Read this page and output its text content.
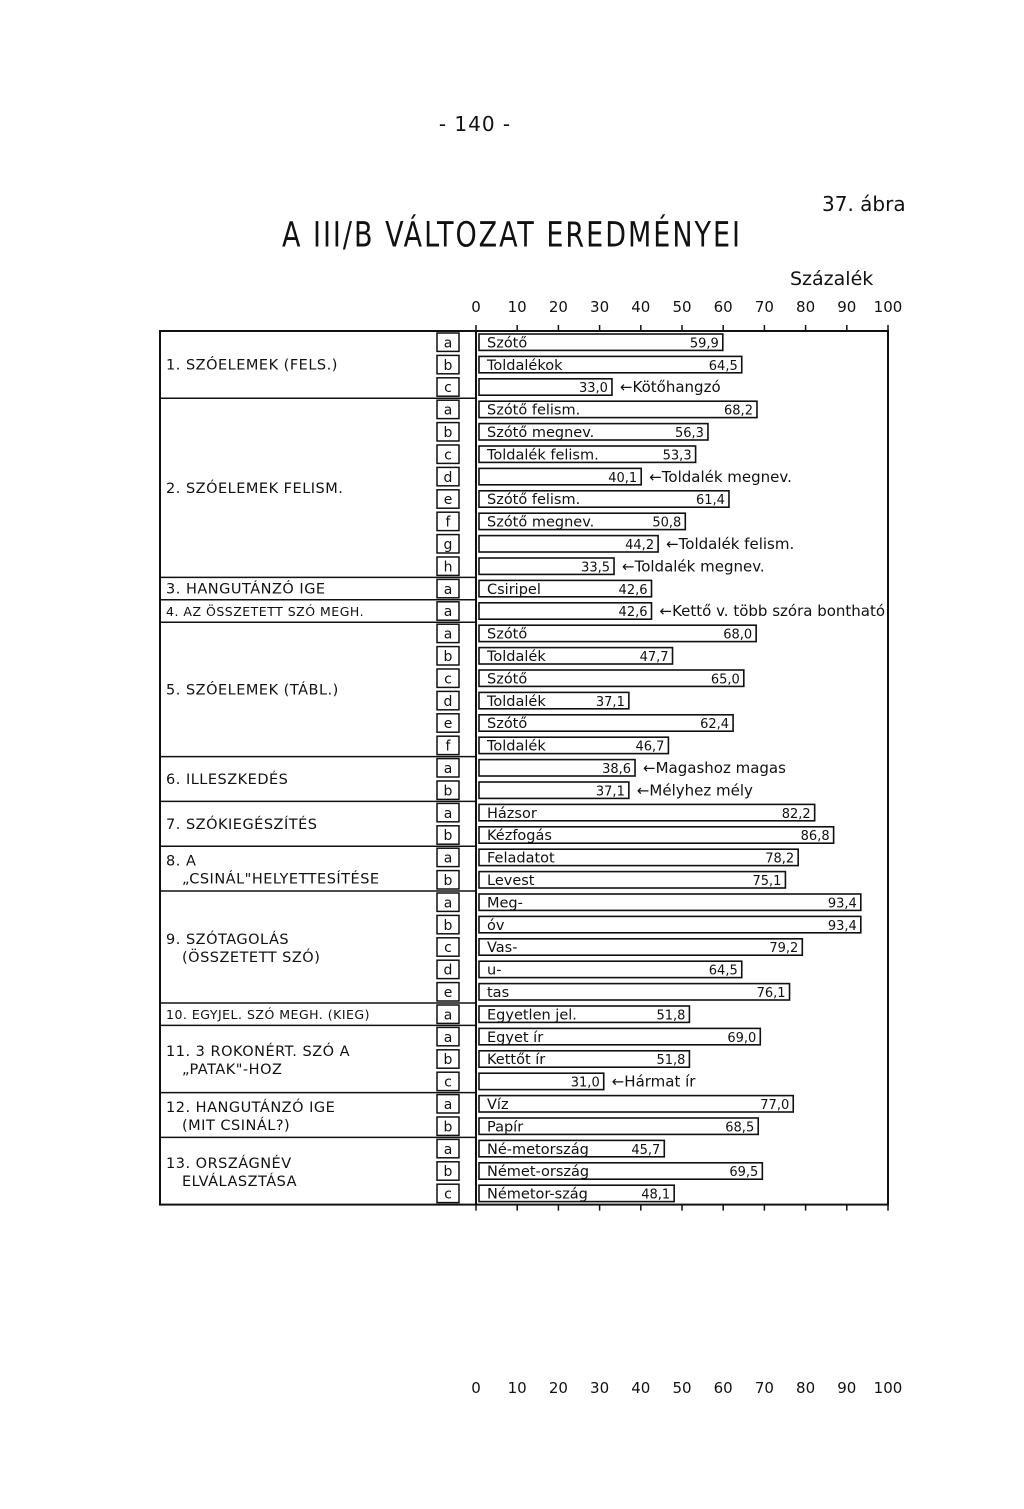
- 140 -
37. ábra
A III/B VÁLTOZAT EREDMÉNYEI
Százalék
0
0
10
10
20
20
30
30
40
40
50
50
60
60
70
70
80
80
90
90
100
100
1. SZÓELEMEK (FELS.)
a Szótő	59,9
b Toldalékok	64,5
c	33,0 ←Kötőhangzó
2. SZÓELEMEK FELISM.
a Szótő felism.	68,2
b Szótő megnev.	56,3
c Toldalék felism.	53,3
d	40,1 ←Toldalék megnev.
e Szótő felism.	61,4
f	Szótő megnev.	50,8
g	44,2 ←Toldalék felism.
h	33,5 ←Toldalék megnev.
3. HANGUTÁNZÓ IGE	a Csiripel	42,6
4. AZ ÖSSZETETT SZÓ MEGH.	a	42,6 ←Kettő v. több szóra bontható
5. SZÓELEMEK (TÁBL.)
a Szótő	68,0
b Toldalék	47,7
c Szótő	65,0
d Toldalék	37,1
e Szótő	62,4
f	Toldalék	46,7
6. ILLESZKEDÉS
a	38,6 ←Magashoz magas
b	37,1 ←Mélyhez mély
7. SZÓKIEGÉSZÍTÉS
a Házsor	82,2
b Kézfogás	86,8
8. A
„CSINÁL"HELYETTESÍTÉSE
a Feladatot	78,2
b Levest	75,1
9. SZÓTAGOLÁS
(ÖSSZETETT SZÓ)
a Meg-	93,4
b óv	93,4
c Vas-	79,2
d u-	64,5
e tas	76,1
10. EGYJEL. SZÓ MEGH. (KIEG)	a Egyetlen jel.	51,8
11. 3 ROKONÉRT. SZÓ A
„PATAK"-HOZ
a Egyet ír	69,0
b Kettőt ír	51,8
c	31,0 ←Hármat ír
12. HANGUTÁNZÓ IGE
(MIT CSINÁL?)
a Víz	77,0
b Papír	68,5
13. ORSZÁGNÉV
ELVÁLASZTÁSA
a Né-metország	45,7
b Német-ország	69,5
c Németor-szág	48,1
